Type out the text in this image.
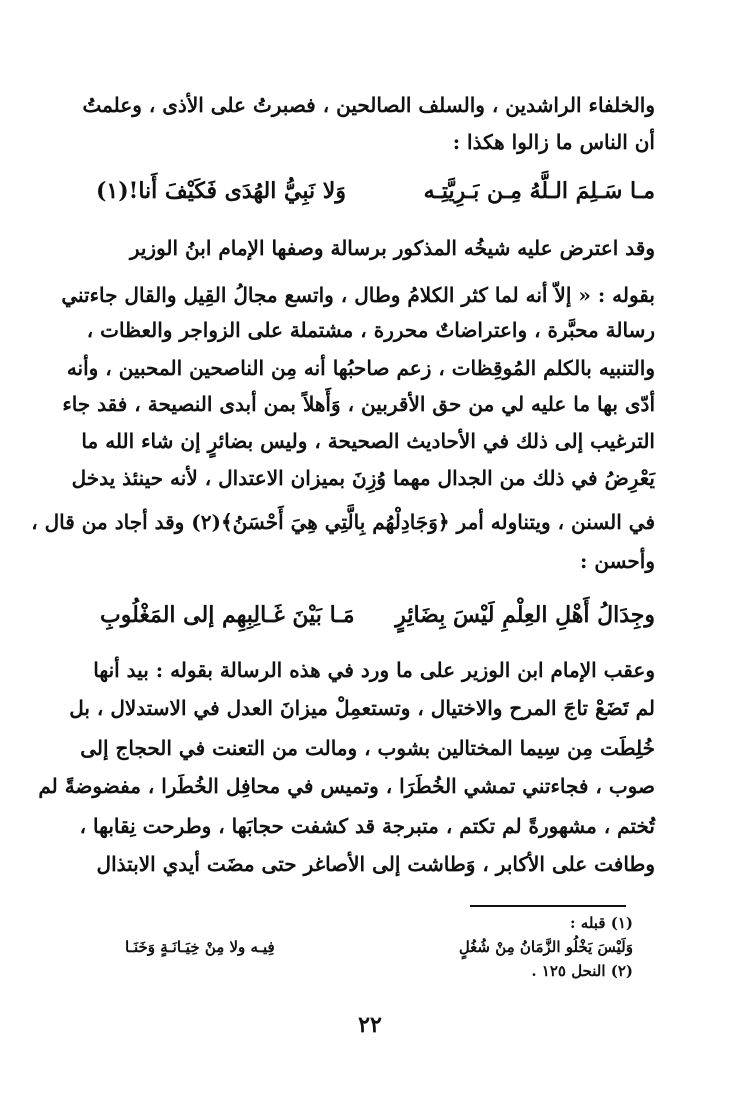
والخلفاء الراشدين ، والسلف الصالحين ، فصبرتُ على الأذى ، وعلمتُ
أن الناس ما زالوا هكذا :
مـا سَـلِمَ الـلَّهُ مِـن بَـرِيَّتِـه
وَلا نَبِيُّ الهُدَى فَكَيْفَ أَنا!(١)
وقد اعترض عليه شيخُه المذكور برسالة وصفها الإمام ابنُ الوزير
بقوله : « إلاّ أنه لما كثر الكلامُ وطال ، واتسع مجالُ القِيل والقال جاءتني
رسالة محبَّرة ، واعتراضاتٌ محررة ، مشتملة على الزواجر والعظات ،
والتنبيه بالكلم المُوقِظات ، زعم صاحبُها أنه مِن الناصحين المحبين ، وأنه
أدّى بها ما عليه لي من حق الأقربين ، وَأَهلاً بمن أبدى النصيحة ، فقد جاء
الترغيب إلى ذلك في الأحاديث الصحيحة ، وليس بضائرٍ إن شاء الله ما
يَعْرِضُ في ذلك من الجدال مهما وُزِنَ بميزان الاعتدال ، لأنه حينئذ يدخل
في السنن ، ويتناوله أمر ﴿وَجَادِلْهُم بِالَّتِي هِيَ أَحْسَنُ﴾(٢) وقد أجاد من قال ،
وأحسن :
وجِدَالُ أَهْلِ العِلْمِ لَيْسَ بِضَائِرٍ
مَـا بَيْنَ غَـالِبِهِم إلى المَغْلُوبِ
وعقب الإمام ابن الوزير على ما ورد في هذه الرسالة بقوله : بيد أنها
لم تَضَعْ تاجَ المرح والاختيال ، وتستعمِلْ ميزانَ العدل في الاستدلال ، بل
خُلِطَت مِن سِيما المختالين بشوب ، ومالت من التعنت في الحجاج إلى
صوب ، فجاءتني تمشي الخُطَرَا ، وتميس في محافِل الخُطَرا ، مفضوضةً لم
تُختم ، مشهورةً لم تكتم ، متبرجة قد كشفت حجابَها ، وطرحت نِقابها ،
وطافت على الأكابر ، وَطاشت إلى الأصاغر حتى مضَت أيدي الابتذال
(١) قبله :
وَلَيْسَ يَخْلُو الزَّمَانُ مِنْ شُغُلٍ
فِيـه ولا مِنْ خِيَـانَـةٍ وَخَنَـا
(٢) النحل ١٢٥ .
٢٢
